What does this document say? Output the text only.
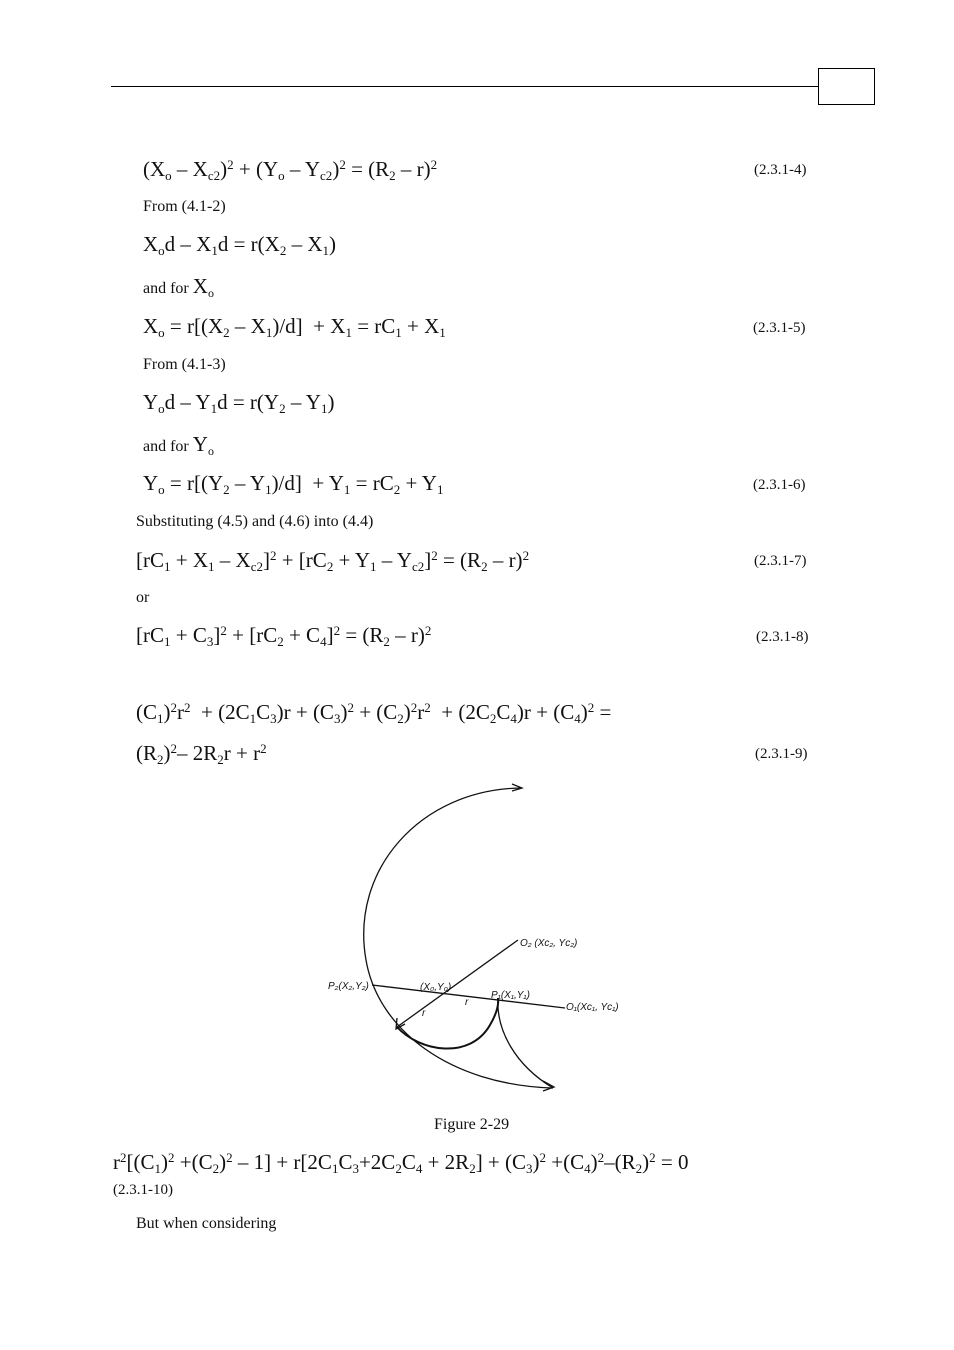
$(X_o - X_{c2})^2 + (Y_o - Y_{c2})^2 = (R_2 - r)^2$	(2.3.1-4)
From (4.1-2)
$X_od - X_1d = r(X_2 - X_1)$
and for $X_o$
$X_o = r[(X_2 - X_1)/d] + X_1 = rC_1 + X_1$	(2.3.1-5)
From (4.1-3)
$Y_od - Y_1d = r(Y_2 - Y_1)$
and for $Y_o$
$Y_o = r[(Y_2 - Y_1)/d] + Y_1 = rC_2 + Y_1$	(2.3.1-6)
Substituting (4.5) and (4.6) into (4.4)
$[rC_1 + X_1 - X_{c2}]^2 + [rC_2 + Y_1 - Y_{c2}]^2 = (R_2 - r)^2$	(2.3.1-7)
or
$[rC_1 + C_3]^2 + [rC_2 + C_4]^2 = (R_2 - r)^2$	(2.3.1-8)
$(C_1)^2r^2 + (2C_1C_3)r + (C_3)^2 + (C_2)^2r^2 + (2C_2C_4)r + (C_4)^2$ =
$(R_2)^2-$ $2R_2r + r^2$	(2.3.1-9)
O₂ (Xc₂, Yc₂)
P₂(X₂,Y₂)	(X₀,Y₀)
P₁(X₁,Y₁)
O₁(Xc₁, Yc₁)
r
r
Figure 2-29
$r^2[(C_1)^2 +(C_2)^2 - 1] + r[2C_1C_3+2C_2C_4 + 2R_2] + (C_3)^2 +(C_4)^2-(R_2)^2 = 0$
(2.3.1-10)
But when considering
